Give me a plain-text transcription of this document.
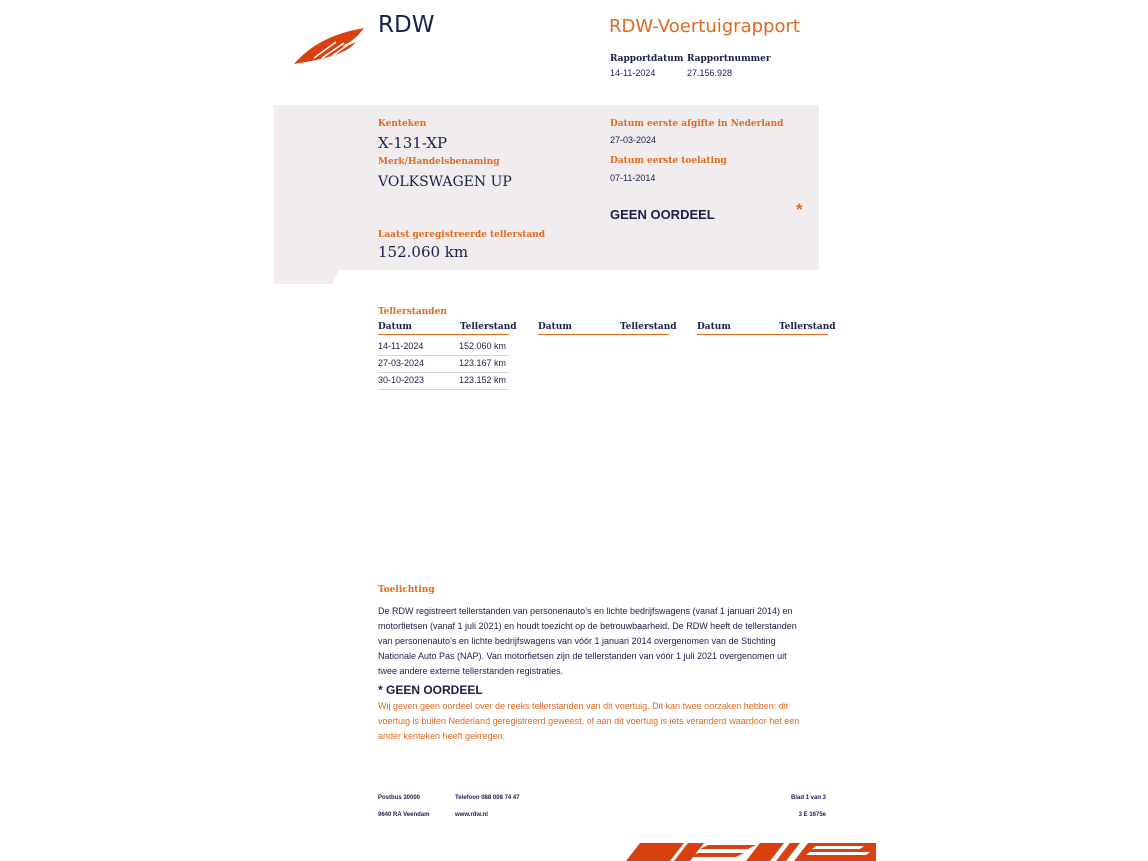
RDW	RDW-Voertuigrapport
Rapportdatum
14-11-2024
Rapportnummer
27.156.928
Kenteken
X-131-XP
Merk/Handelsbenaming
VOLKSWAGEN UP
Datum eerste afgifte in Nederland
27-03-2024
Datum eerste toelating
07-11-2014
GEEN OORDEEL	*
Laatst geregistreerde tellerstand
152.060 km
Tellerstanden
Datum	Tellerstand Datum	Tellerstand Datum	Tellerstand
14-11-2024	152.060 km
27-03-2024	123.167 km
30-10-2023	123.152 km
Toelichting
De RDW registreert tellerstanden van personenauto’s en lichte bedrijfswagens (vanaf 1 januari 2014) en
motorfietsen (vanaf 1 juli 2021) en houdt toezicht op de betrouwbaarheid. De RDW heeft de tellerstanden
van personenauto’s en lichte bedrijfswagens van vóór 1 januari 2014 overgenomen van de Stichting
Nationale Auto Pas (NAP). Van motorfietsen zijn de tellerstanden van vóór 1 juli 2021 overgenomen uit
twee andere externe tellerstanden registraties.
* GEEN OORDEEL
Wij geven geen oordeel over de reeks tellerstanden van dit voertuig. Dit kan twee oorzaken hebben: dit
voertuig is buiten Nederland geregistreerd geweest, of aan dit voertuig is iets veranderd waardoor het een
ander kenteken heeft gekregen.
Postbus 30000
9640 RA Veendam
Telefoon 088 008 74 47
www.rdw.nl
Blad 1 van 3
3 E 1675e
